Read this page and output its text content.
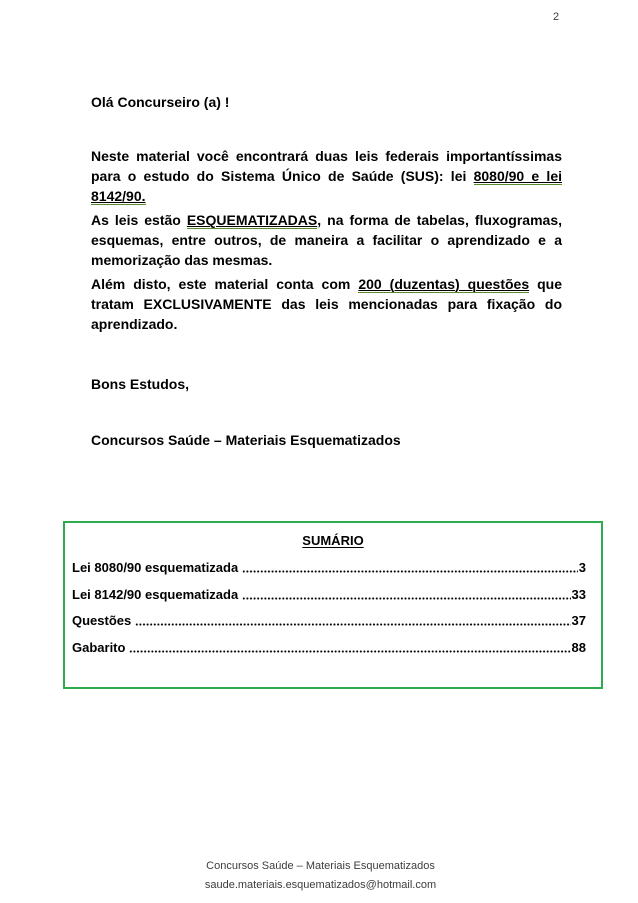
2
Olá Concurseiro (a) !

Neste material você encontrará duas leis federais importantíssimas para o estudo do Sistema Único de Saúde (SUS): lei 8080/90 e lei 8142/90.

As leis estão ESQUEMATIZADAS, na forma de tabelas, fluxogramas, esquemas, entre outros, de maneira a facilitar o aprendizado e a memorização das mesmas.

Além disto, este material conta com 200 (duzentas) questões que tratam EXCLUSIVAMENTE das leis mencionadas para fixação do aprendizado.

Bons Estudos,
Concursos Saúde – Materiais Esquematizados
SUMÁRIO
Lei 8080/90 esquematizada	3
Lei 8142/90 esquematizada	33
Questões	37
Gabarito	88
Concursos Saúde – Materiais Esquematizados
saude.materiais.esquematizados@hotmail.com
